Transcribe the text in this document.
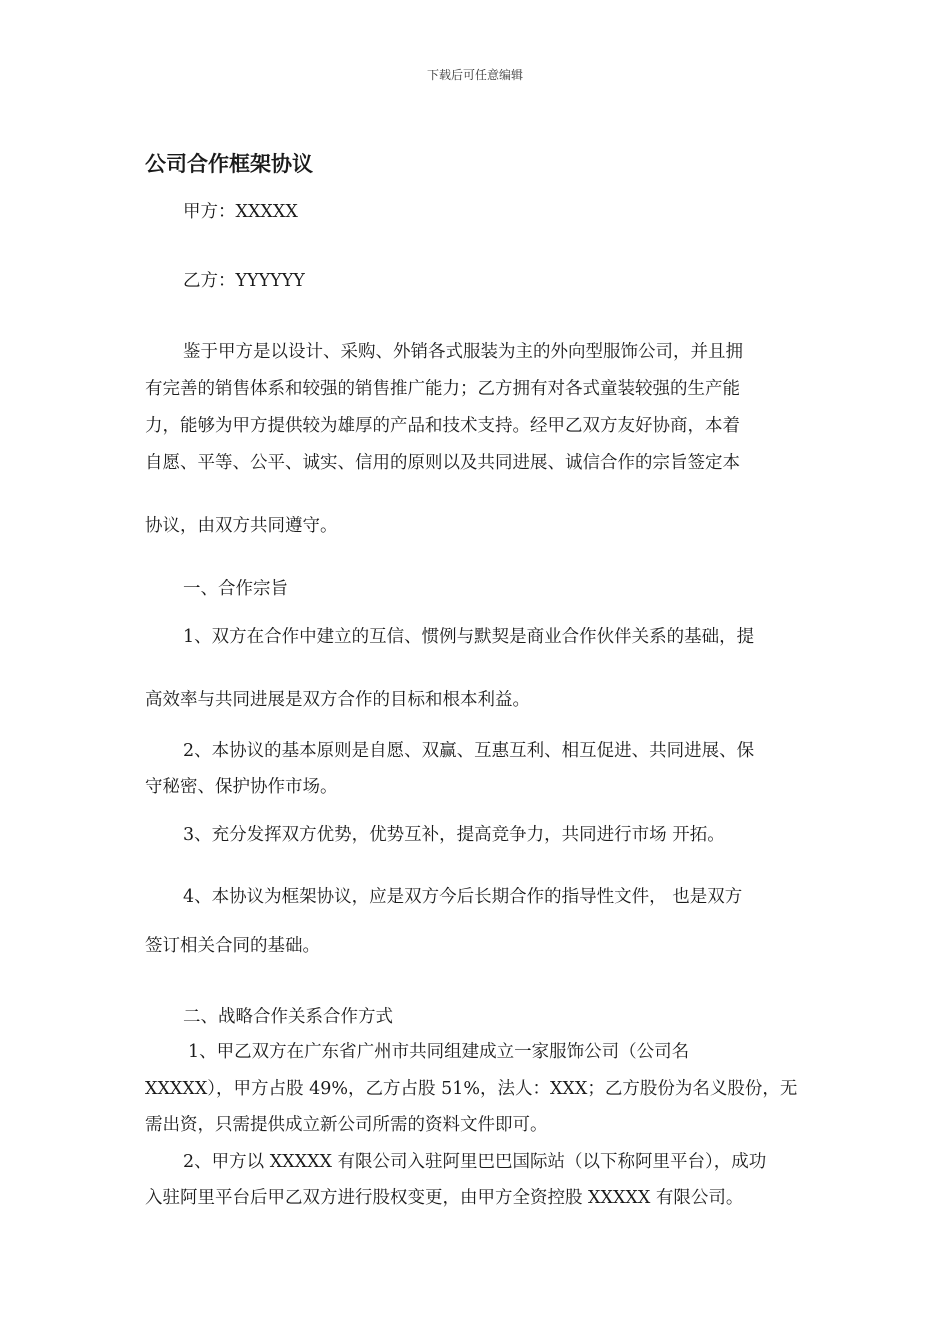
下载后可任意编辑
公司合作框架协议
甲方：XXXXX
乙方：YYYYYY
鉴于甲方是以设计、采购、外销各式服装为主的外向型服饰公司，并且拥
有完善的销售体系和较强的销售推广能力；乙方拥有对各式童装较强的生产能
力，能够为甲方提供较为雄厚的产品和技术支持。经甲乙双方友好协商，本着
自愿、平等、公平、诚实、信用的原则以及共同进展、诚信合作的宗旨签定本
协议，由双方共同遵守。
一、合作宗旨
1、双方在合作中建立的互信、惯例与默契是商业合作伙伴关系的基础，提
高效率与共同进展是双方合作的目标和根本利益。
2、本协议的基本原则是自愿、双赢、互惠互利、相互促进、共同进展、保
守秘密、保护协作市场。
3、充分发挥双方优势，优势互补，提高竞争力，共同进行市场 开拓。
4、本协议为框架协议，应是双方今后长期合作的指导性文件， 也是双方
签订相关合同的基础。
二、战略合作关系合作方式
1、甲乙双方在广东省广州市共同组建成立一家服饰公司（公司名
XXXXX），甲方占股 49%，乙方占股 51%，法人：XXX；乙方股份为名义股份，无
需出资，只需提供成立新公司所需的资料文件即可。
2、甲方以 XXXXX 有限公司入驻阿里巴巴国际站（以下称阿里平台），成功
入驻阿里平台后甲乙双方进行股权变更，由甲方全资控股 XXXXX 有限公司。
